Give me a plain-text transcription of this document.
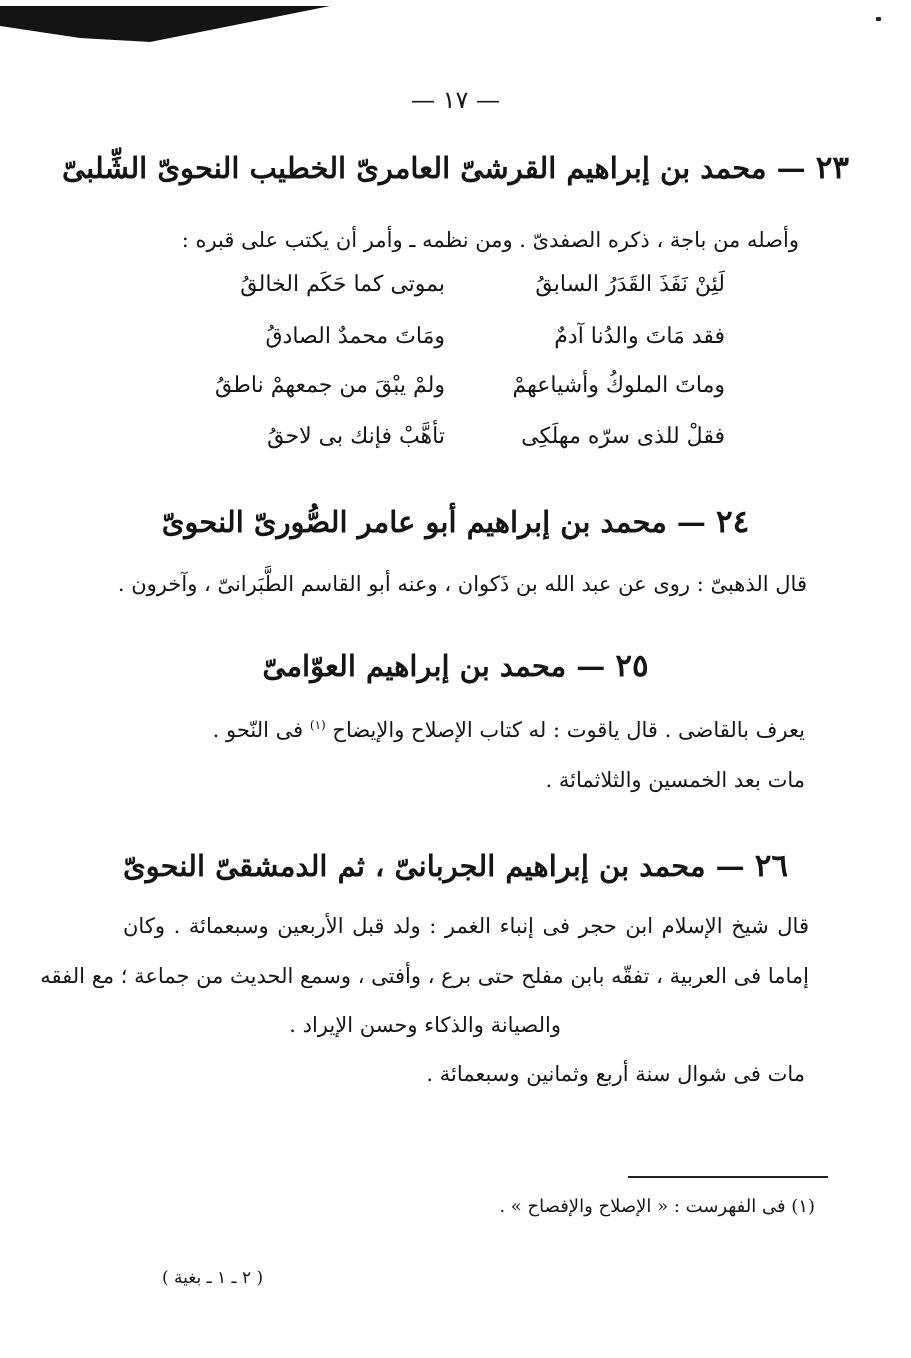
— ١٧ —
٢٣ — محمد بن إبراهيم القرشىّ العامرىّ الخطيب النحوىّ الشِّلبىّ
وأصله من باجة ، ذكره الصفدىّ . ومن نظمه ـ وأمر أن يكتب على قبره :
لَئِنْ نَفَذَ القَدَرُ السابقُ
بموتى كما حَكَم الخالقُ
فقد مَاتَ والدُنا آدمٌ
ومَاتَ محمدٌ الصادقُ
وماتَ الملوكُ وأشياعهمْ
ولمْ يبْقَ من جمعهمْ ناطقُ
فقلْ للذى سرّه مهلَكِى
تأهَّبْ فإنك بى لاحقُ
٢٤ — محمد بن إبراهيم أبو عامر الصُّورىّ النحوىّ
قال الذهبىّ : روى عن عبد الله بن ذَكوان ، وعنه أبو القاسم الطَّبَرانىّ ، وآخرون .
٢٥ — محمد بن إبراهيم العوّامىّ
يعرف بالقاضى . قال ياقوت : له كتاب الإصلاح والإيضاح $^{(١)}$ فى النّحو .
مات بعد الخمسين والثلاثمائة .
٢٦ — محمد بن إبراهيم الجربانىّ ، ثم الدمشقىّ النحوىّ
قال شيخ الإسلام ابن حجر فى إنباء الغمر : ولد قبل الأربعين وسبعمائة . وكان
إماما فى العربية ، تفقّه بابن مفلح حتى برع ، وأفتى ، وسمع الحديث من جماعة ؛ مع الفقه
والصيانة والذكاء وحسن الإيراد .
مات فى شوال سنة أربع وثمانين وسبعمائة .
(١) فى الفهرست : « الإصلاح والإفصاح » .
( ٢ ـ ١ ـ بغية )
